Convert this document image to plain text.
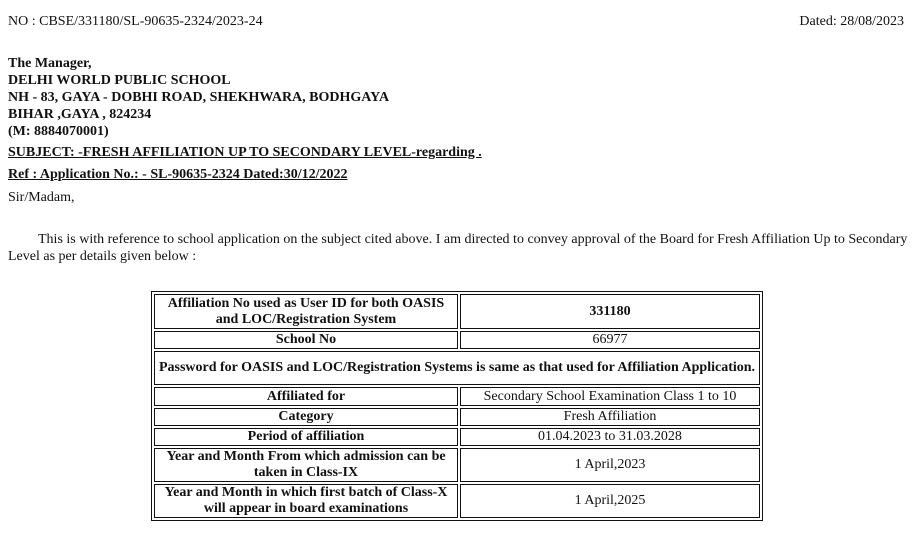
NO : CBSE/331180/SL-90635-2324/2023-24	Dated: 28/08/2023
The Manager,
DELHI WORLD PUBLIC SCHOOL
NH - 83, GAYA - DOBHI ROAD, SHEKHWARA, BODHGAYA
BIHAR ,GAYA , 824234
(M: 8884070001)
SUBJECT: -FRESH AFFILIATION UP TO SECONDARY LEVEL-regarding .
Ref : Application No.: - SL-90635-2324 Dated:30/12/2022
Sir/Madam,
This is with reference to school application on the subject cited above. I am directed to convey approval of the Board for Fresh Affiliation Up to Secondary Level as per details given below :
Affiliation No used as User ID for both OASIS and LOC/Registration System	331180
School No	66977
Password for OASIS and LOC/Registration Systems is same as that used for Affiliation Application.	
Affiliated for	Secondary School Examination Class 1 to 10
Category	Fresh Affiliation
Period of affiliation	01.04.2023 to 31.03.2028
Year and Month From which admission can be taken in Class-IX	1 April,2023
Year and Month in which first batch of Class-X will appear in board examinations	1 April,2025
